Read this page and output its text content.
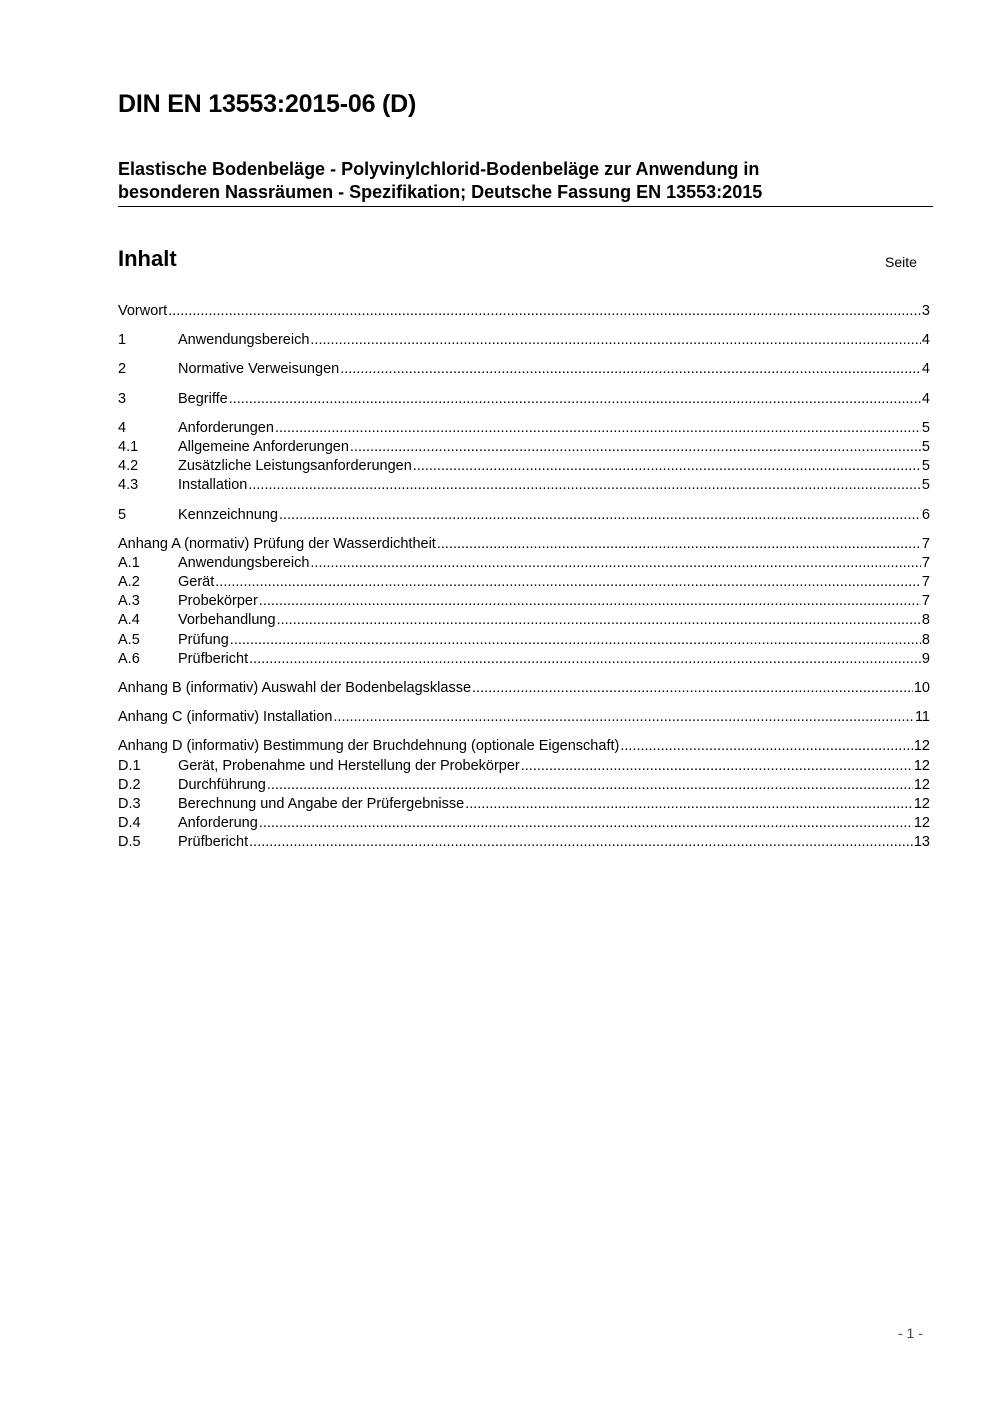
DIN EN 13553:2015-06 (D)
Elastische Bodenbeläge - Polyvinylchlorid-Bodenbeläge zur Anwendung in
besonderen Nassräumen - Spezifikation; Deutsche Fassung EN 13553:2015
Inhalt	Seite
Vorwort .....	3
1	Anwendungsbereich .....	4
2	Normative Verweisungen .....	4
3	Begriffe .....	4
4	Anforderungen .....	5
4.1	Allgemeine Anforderungen .....	5
4.2	Zusätzliche Leistungsanforderungen .....	5
4.3	Installation .....	5
5	Kennzeichnung .....	6
Anhang A (normativ) Prüfung der Wasserdichtheit .....	7
A.1	Anwendungsbereich .....	7
A.2	Gerät .....	7
A.3	Probekörper .....	7
A.4	Vorbehandlung .....	8
A.5	Prüfung .....	8
A.6	Prüfbericht .....	9
Anhang B (informativ) Auswahl der Bodenbelagsklasse .....	10
Anhang C (informativ) Installation .....	11
Anhang D (informativ) Bestimmung der Bruchdehnung (optionale Eigenschaft) .....	12
D.1	Gerät, Probenahme und Herstellung der Probekörper .....	12
D.2	Durchführung .....	12
D.3	Berechnung und Angabe der Prüfergebnisse .....	12
D.4	Anforderung .....	12
D.5	Prüfbericht .....	13
- 1 -
